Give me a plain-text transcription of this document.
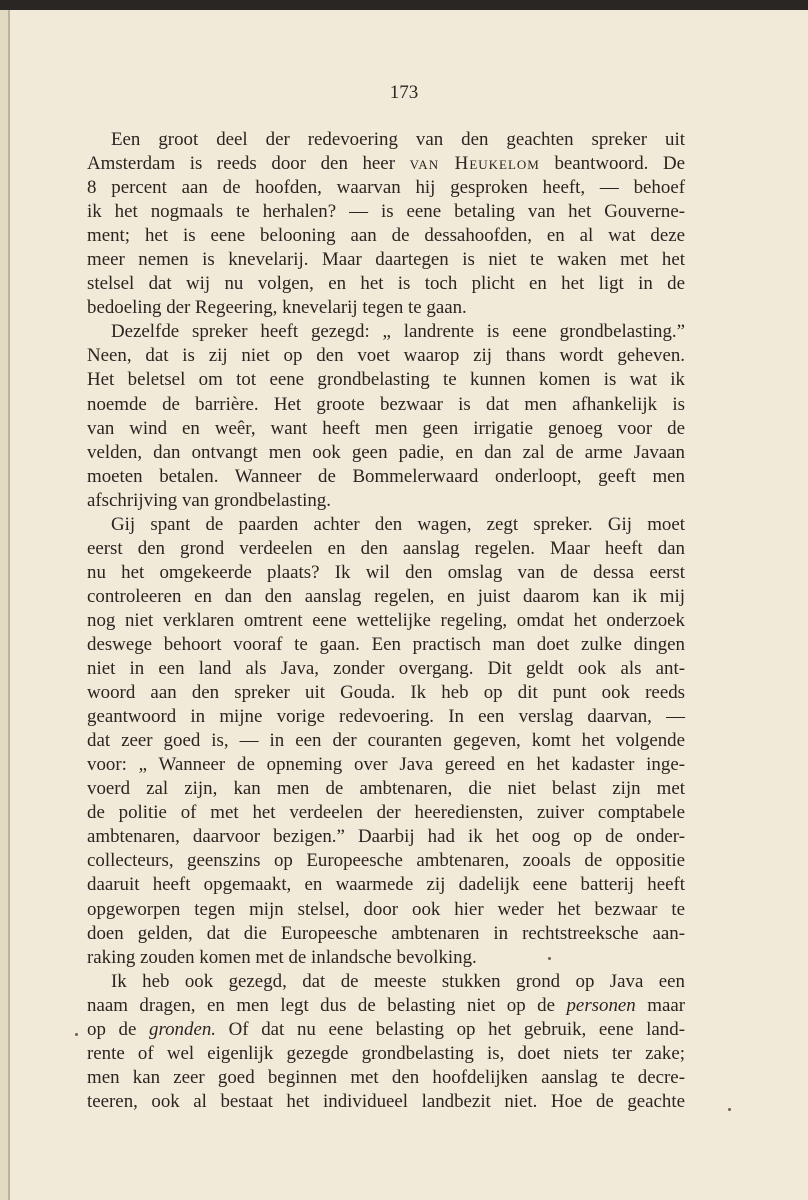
173
Een groot deel der redevoering van den geachten spreker uit
Amsterdam is reeds door den heer van Heukelom beantwoord. De
8 percent aan de hoofden, waarvan hij gesproken heeft, — behoef
ik het nogmaals te herhalen? — is eene betaling van het Gouverne-
ment; het is eene belooning aan de dessahoofden, en al wat deze
meer nemen is knevelarij. Maar daartegen is niet te waken met het
stelsel dat wij nu volgen, en het is toch plicht en het ligt in de
bedoeling der Regeering, knevelarij tegen te gaan.
Dezelfde spreker heeft gezegd: „ landrente is eene grondbelasting.”
Neen, dat is zij niet op den voet waarop zij thans wordt geheven.
Het beletsel om tot eene grondbelasting te kunnen komen is wat ik
noemde de barrière. Het groote bezwaar is dat men afhankelijk is
van wind en weêr, want heeft men geen irrigatie genoeg voor de
velden, dan ontvangt men ook geen padie, en dan zal de arme Javaan
moeten betalen. Wanneer de Bommelerwaard onderloopt, geeft men
afschrijving van grondbelasting.
Gij spant de paarden achter den wagen, zegt spreker. Gij moet
eerst den grond verdeelen en den aanslag regelen. Maar heeft dan
nu het omgekeerde plaats? Ik wil den omslag van de dessa eerst
controleeren en dan den aanslag regelen, en juist daarom kan ik mij
nog niet verklaren omtrent eene wettelijke regeling, omdat het onderzoek
deswege behoort vooraf te gaan. Een practisch man doet zulke dingen
niet in een land als Java, zonder overgang. Dit geldt ook als ant-
woord aan den spreker uit Gouda. Ik heb op dit punt ook reeds
geantwoord in mijne vorige redevoering. In een verslag daarvan, —
dat zeer goed is, — in een der couranten gegeven, komt het volgende
voor: „ Wanneer de opneming over Java gereed en het kadaster inge-
voerd zal zijn, kan men de ambtenaren, die niet belast zijn met
de politie of met het verdeelen der heerediensten, zuiver comptabele
ambtenaren, daarvoor bezigen.” Daarbij had ik het oog op de onder-
collecteurs, geenszins op Europeesche ambtenaren, zooals de oppositie
daaruit heeft opgemaakt, en waarmede zij dadelijk eene batterij heeft
opgeworpen tegen mijn stelsel, door ook hier weder het bezwaar te
doen gelden, dat die Europeesche ambtenaren in rechtstreeksche aan-
raking zouden komen met de inlandsche bevolking.
Ik heb ook gezegd, dat de meeste stukken grond op Java een
naam dragen, en men legt dus de belasting niet op de personen maar
op de gronden. Of dat nu eene belasting op het gebruik, eene land-
rente of wel eigenlijk gezegde grondbelasting is, doet niets ter zake;
men kan zeer goed beginnen met den hoofdelijken aanslag te decre-
teeren, ook al bestaat het individueel landbezit niet. Hoe de geachte
